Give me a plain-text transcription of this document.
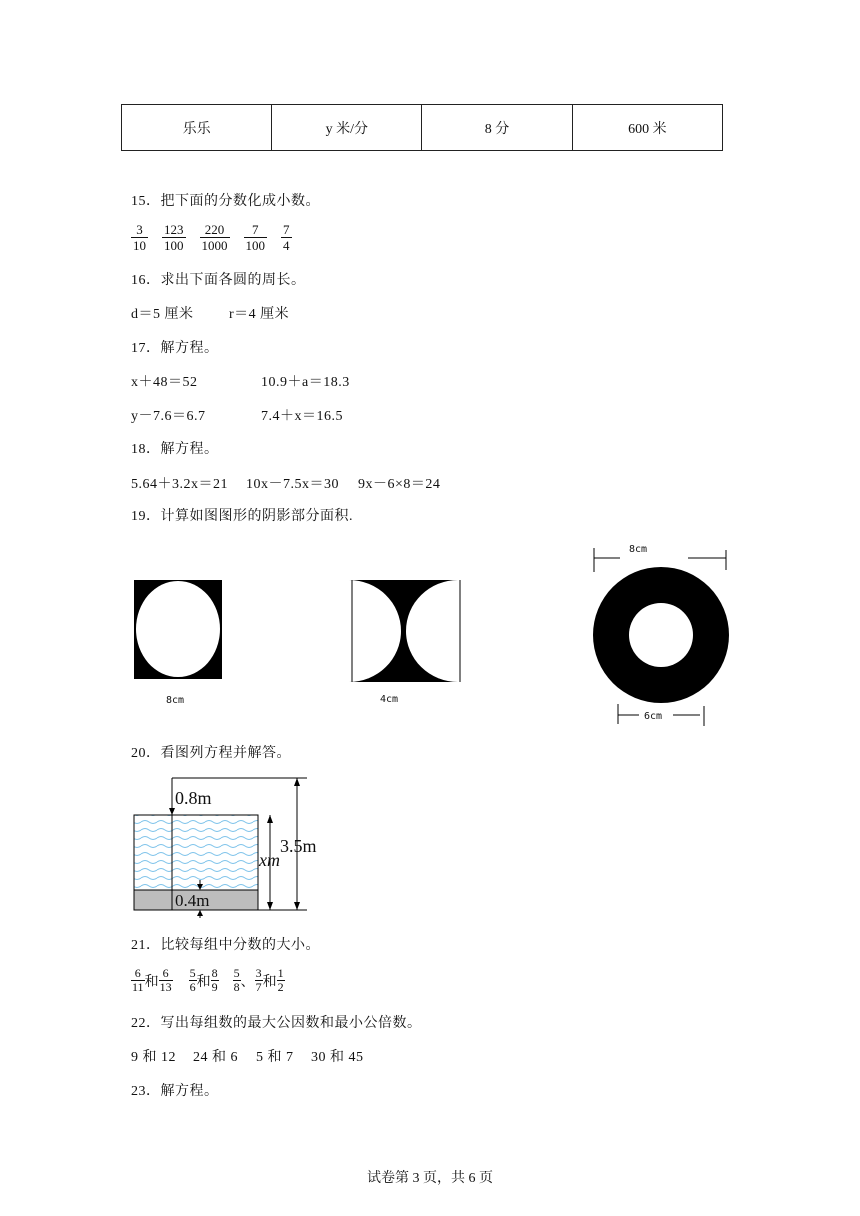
乐乐	y 米/分	8 分	600 米
15．把下面的分数化成小数。
$\frac{3}{10} \frac{123}{100} \frac{220}{1000} \frac{7}{100} \frac{7}{4}$
16．求出下面各圆的周长。
d＝5 厘米	r＝4 厘米
17．解方程。
x＋48＝52	10.9＋a＝18.3
y－7.6＝6.7	7.4＋x＝16.5
18．解方程。
5.64＋3.2x＝21 10x－7.5x＝30 9x－6×8＝24
19．计算如图图形的阴影部分面积.
8cm	4cm
8cm
6cm
20．看图列方程并解答。
0.8m
0.4m
xm
3.5m
21．比较每组中分数的大小。
6
11 和
6
13
5
6 和
8
9
5
8 、
3
7 和
1
2
22．写出每组数的最大公因数和最小公倍数。
9 和 12 24 和 6 5 和 7 30 和 45
23．解方程。
试卷第 3 页，共 6 页
